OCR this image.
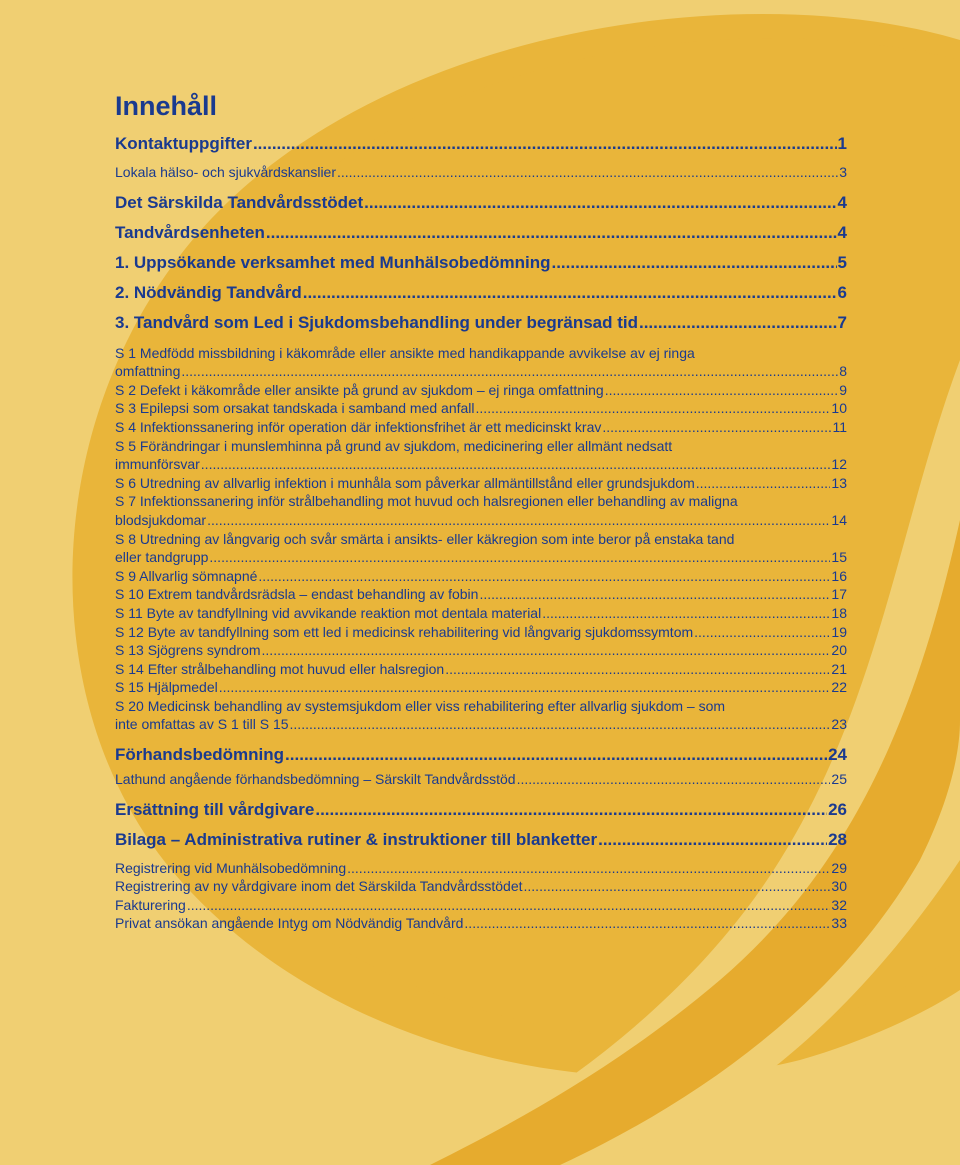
Innehåll
Kontaktuppgifter .....	1
Lokala hälso- och sjukvårdskanslier .....	3
Det Särskilda Tandvårdsstödet .....	4
Tandvårdsenheten .....	4
1. Uppsökande verksamhet med Munhälsobedömning .....	5
2. Nödvändig Tandvård .....	6
3. Tandvård som Led i Sjukdomsbehandling under begränsad tid .....	7
S 1 Medfödd missbildning i käkområde eller ansikte med handikappande avvikelse av ej ringa
omfattning .....	8
S 2 Defekt i käkområde eller ansikte på grund av sjukdom – ej ringa omfattning .....	9
S 3 Epilepsi som orsakat tandskada i samband med anfall .....	10
S 4 Infektionssanering inför operation där infektionsfrihet är ett medicinskt krav .....	11
S 5 Förändringar i munslemhinna på grund av sjukdom, medicinering eller allmänt nedsatt
immunförsvar .....	12
S 6 Utredning av allvarlig infektion i munhåla som påverkar allmäntillstånd eller grundsjukdom .....	13
S 7 Infektionssanering inför strålbehandling mot huvud och halsregionen eller behandling av maligna
blodsjukdomar .....	14
S 8 Utredning av långvarig och svår smärta i ansikts- eller käkregion som inte beror på enstaka tand
eller tandgrupp .....	15
S 9 Allvarlig sömnapné .....	16
S 10 Extrem tandvårdsrädsla – endast behandling av fobin .....	17
S 11 Byte av tandfyllning vid avvikande reaktion mot dentala material .....	18
S 12 Byte av tandfyllning som ett led i medicinsk rehabilitering vid långvarig sjukdomssymtom .....	19
S 13 Sjögrens syndrom .....	20
S 14 Efter strålbehandling mot huvud eller halsregion .....	21
S 15 Hjälpmedel .....	22
S 20 Medicinsk behandling av systemsjukdom eller viss rehabilitering efter allvarlig sjukdom – som
inte omfattas av S 1 till S 15 .....	23
Förhandsbedömning .....	24
Lathund angående förhandsbedömning – Särskilt Tandvårdsstöd .....	25
Ersättning till vårdgivare .....	26
Bilaga – Administrativa rutiner & instruktioner till blanketter .....	28
Registrering vid Munhälsobedömning .....	29
Registrering av ny vårdgivare inom det Särskilda Tandvårdsstödet .....	30
Fakturering .....	32
Privat ansökan angående Intyg om Nödvändig Tandvård .....	33
